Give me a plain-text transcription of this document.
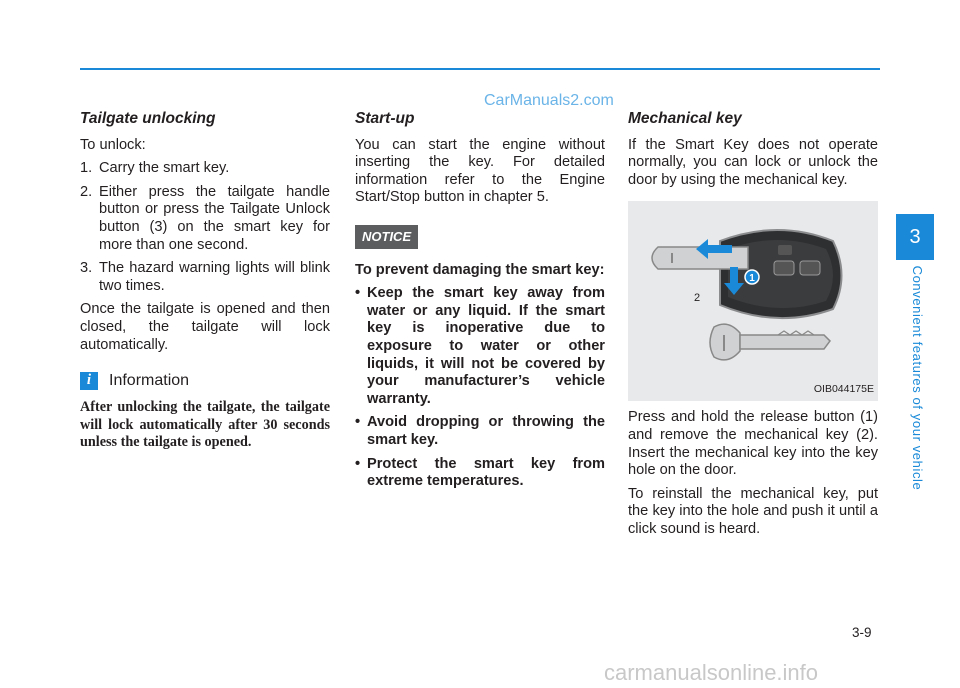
CarManuals2.com
Tailgate unlocking
To unlock:
1. Carry the smart key.
2. Either press the tailgate handle button or press the Tailgate Unlock button (3) on the smart key for more than one second.
3. The hazard warning lights will blink two times.
Once the tailgate is opened and then closed, the tailgate will lock automatically.
i	Information
After unlocking the tailgate, the tailgate will lock automatically after 30 seconds unless the tailgate is opened.
Start-up
You can start the engine without inserting the key. For detailed information refer to the Engine Start/Stop button in chapter 5.
NOTICE
To prevent damaging the smart key:
• Keep the smart key away from water or any liquid. If the smart key is inoperative due to exposure to water or other liquids, it will not be covered by your manufacturer’s vehicle warranty.
• Avoid dropping or throwing the smart key.
• Protect the smart key from extreme temperatures.
Mechanical key
If the Smart Key does not operate normally, you can lock or unlock the door by using the mechanical key.
1
2
OIB044175E
Press and hold the release button (1) and remove the mechanical key (2). Insert the mechanical key into the key hole on the door.
To reinstall the mechanical key, put the key into the hole and push it until a click sound is heard.
3
Convenient features of your vehicle
3-9
carmanualsonline.info
